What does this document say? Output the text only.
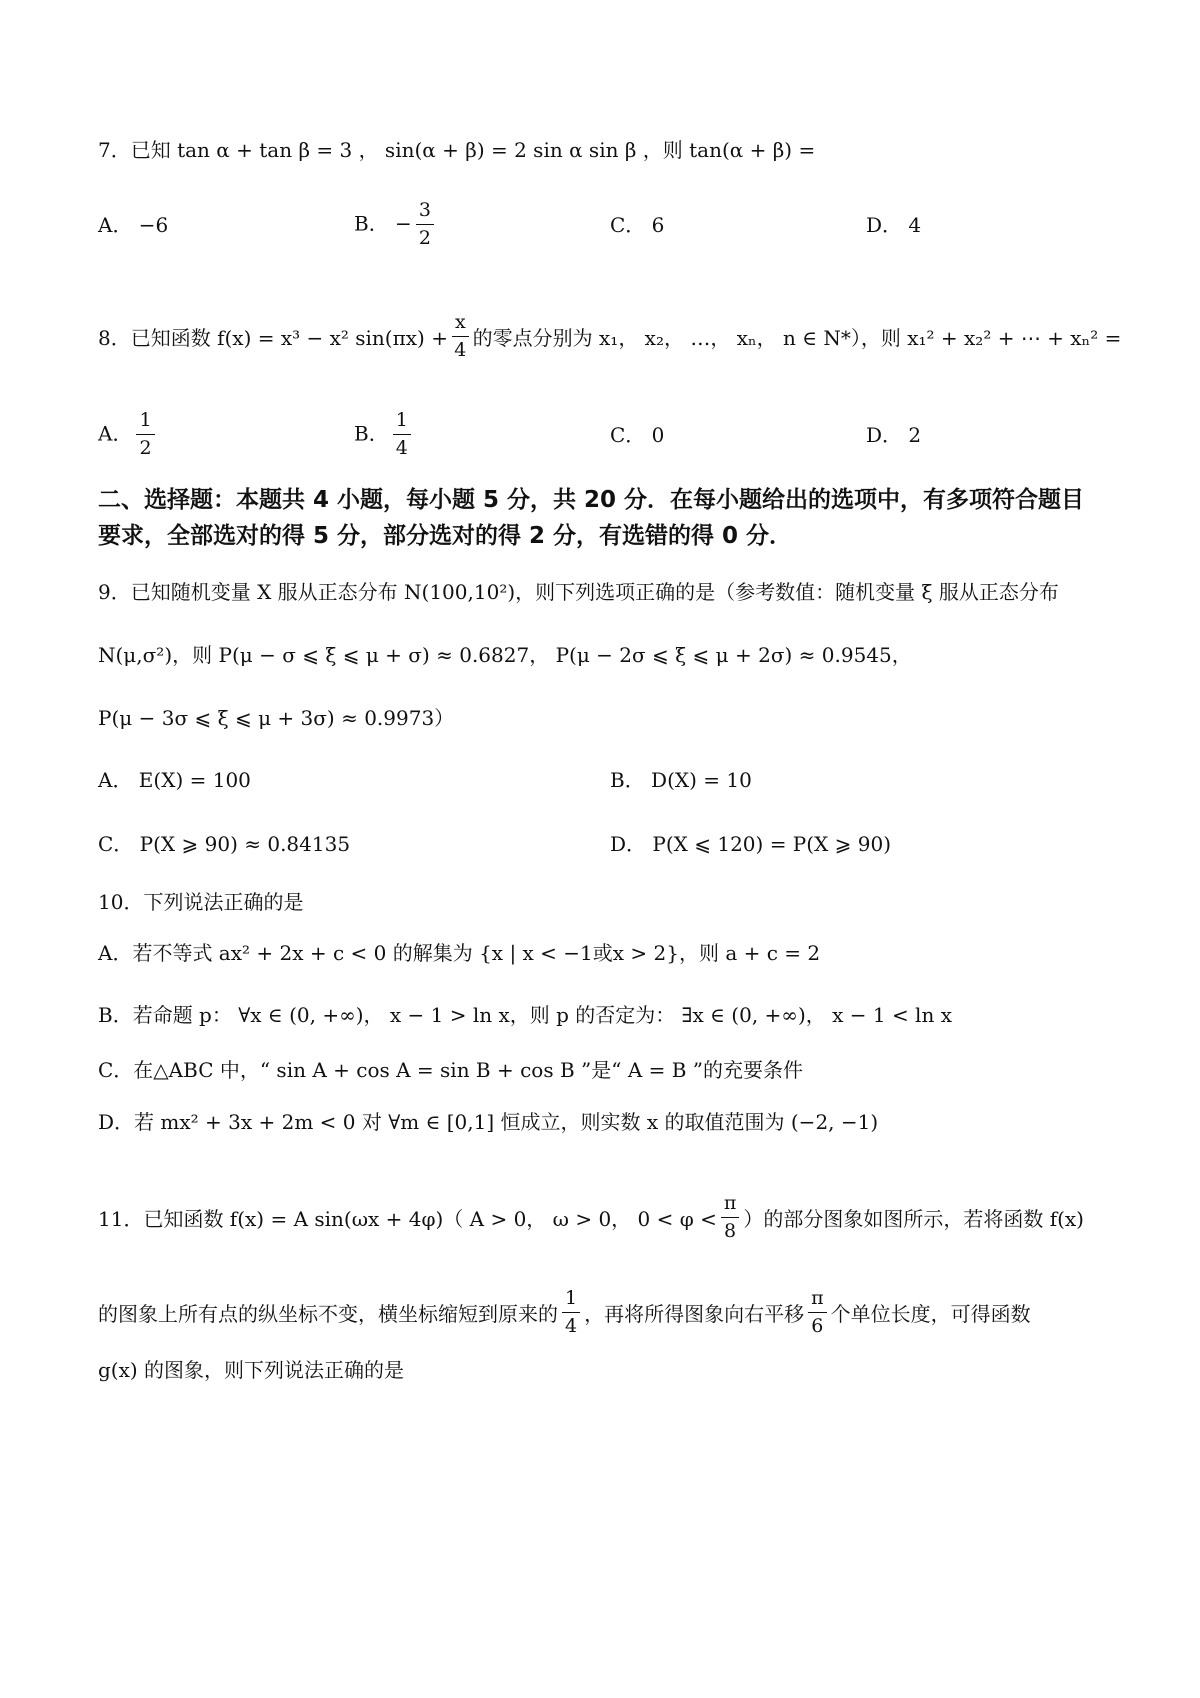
7．已知 tan α + tan β = 3 ， sin(α + β) = 2 sin α sin β ，则 tan(α + β) =
A． −6	B． − $\frac{3}{2}$	C． 6	D． 4
8．已知函数 f(x) = x³ − x² $\sin(\pi x) + \frac{x}{4}$ 的零点分别为 x₁， x₂， …， xₙ， n ∈ N*），则 x₁² + x₂² + ⋯ + xₙ² =
A． $\frac{1}{2}$	B． $\frac{1}{4}$	C． 0	D． 2
二、选择题：本题共 4 小题，每小题 5 分，共 20 分．在每小题给出的选项中，有多项符合题目
要求，全部选对的得 5 分，部分选对的得 2 分，有选错的得 0 分．
9．已知随机变量 X 服从正态分布 N(100,10²)，则下列选项正确的是（参考数值：随机变量 ξ 服从正态分布
N(μ,σ²)，则 P(μ − σ ⩽ ξ ⩽ μ + σ) ≈ 0.6827， P(μ − 2σ ⩽ ξ ⩽ μ + 2σ) ≈ 0.9545，
P(μ − 3σ ⩽ ξ ⩽ μ + 3σ) ≈ 0.9973）
A． E(X) = 100	B． D(X) = 10
C． P(X ⩾ 90) ≈ 0.84135	D． P(X ⩽ 120) = P(X ⩾ 90)
10．下列说法正确的是
A．若不等式 ax² + 2x + c < 0 的解集为 {x | x < −1或x > 2}，则 a + c = 2
B．若命题 p： ∀x ∈ (0, +∞)， x − 1 > ln x，则 p 的否定为： ∃x ∈ (0, +∞)， x − 1 < ln x
C．在△ABC 中，“ sin A + cos A = sin B + cos B ”是“ A = B ”的充要条件
D．若 mx² + 3x + 2m < 0 对 ∀m ∈ [0,1] 恒成立，则实数 x 的取值范围为 (−2, −1)
11．已知函数 f(x) = A sin(ωx + 4φ)（ A > 0， ω > 0， $0 < \varphi < \frac{\pi}{8}$ ）的部分图象如图所示，若将函数 f(x)
的图象上所有点的纵坐标不变，横坐标缩短到原来的 $\frac{1}{4}$ ，再将所得图象向右平移 $\frac{\pi}{6}$ 个单位长度，可得函数
g(x) 的图象，则下列说法正确的是
